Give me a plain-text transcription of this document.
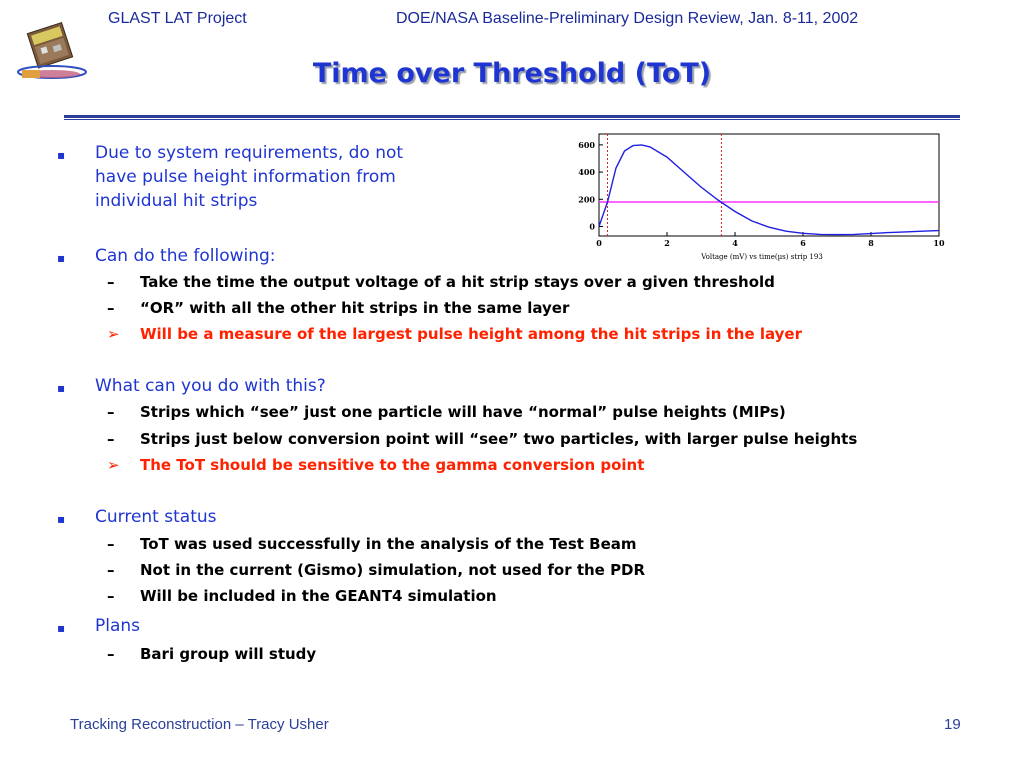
GLAST LAT Project	DOE/NASA Baseline-Preliminary Design Review, Jan. 8-11, 2002
Time over Threshold (ToT)
0	2	4	6	8	10
0
200
400
600
Voltage (mV) vs time(µs) strip 193
▪ Due to system requirements, do not
have pulse height information from
individual hit strips
▪ Can do the following:
– Take the time the output voltage of a hit strip stays over a given threshold
– “OR” with all the other hit strips in the same layer
➢ Will be a measure of the largest pulse height among the hit strips in the layer
▪ What can you do with this?
– Strips which “see” just one particle will have “normal” pulse heights (MIPs)
– Strips just below conversion point will “see” two particles, with larger pulse heights
➢ The ToT should be sensitive to the gamma conversion point
▪ Current status
– ToT was used successfully in the analysis of the Test Beam
– Not in the current (Gismo) simulation, not used for the PDR
– Will be included in the GEANT4 simulation
▪ Plans
– Bari group will study
Tracking Reconstruction – Tracy Usher	19
